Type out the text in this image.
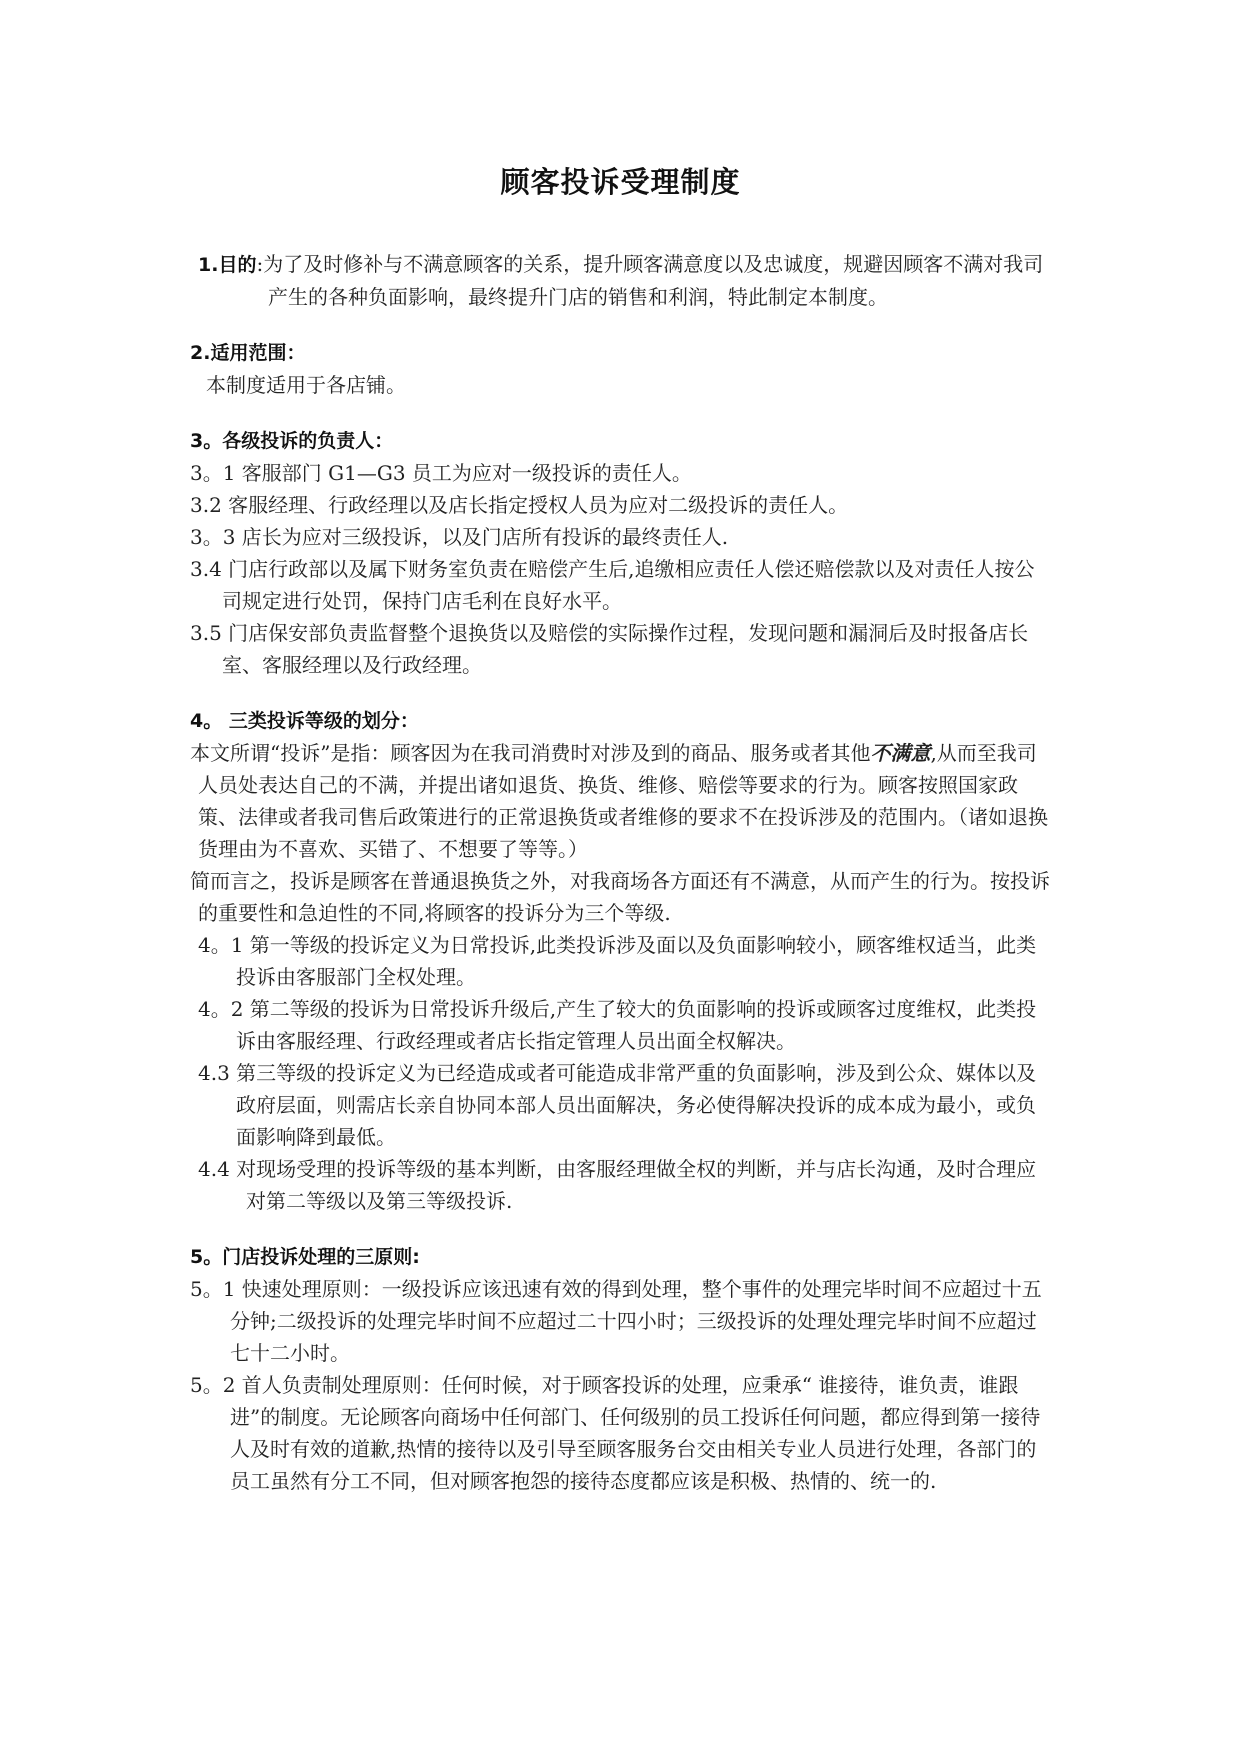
顾客投诉受理制度
1.目的:为了及时修补与不满意顾客的关系，提升顾客满意度以及忠诚度，规避因顾客不满对我司产生的各种负面影响，最终提升门店的销售和利润，特此制定本制度。
2.适用范围：
本制度适用于各店铺。
3。各级投诉的负责人：
3。1 客服部门 G1—G3 员工为应对一级投诉的责任人。
3.2 客服经理、行政经理以及店长指定授权人员为应对二级投诉的责任人。
3。3 店长为应对三级投诉，以及门店所有投诉的最终责任人.
3.4 门店行政部以及属下财务室负责在赔偿产生后,追缴相应责任人偿还赔偿款以及对责任人按公司规定进行处罚，保持门店毛利在良好水平。
3.5 门店保安部负责监督整个退换货以及赔偿的实际操作过程，发现问题和漏洞后及时报备店长室、客服经理以及行政经理。
4。 三类投诉等级的划分：
本文所谓“投诉”是指：顾客因为在我司消费时对涉及到的商品、服务或者其他不满意,从而至我司人员处表达自己的不满，并提出诸如退货、换货、维修、赔偿等要求的行为。顾客按照国家政策、法律或者我司售后政策进行的正常退换货或者维修的要求不在投诉涉及的范围内。（诸如退换货理由为不喜欢、买错了、不想要了等等。）
简而言之，投诉是顾客在普通退换货之外，对我商场各方面还有不满意，从而产生的行为。按投诉的重要性和急迫性的不同,将顾客的投诉分为三个等级.
4。1 第一等级的投诉定义为日常投诉,此类投诉涉及面以及负面影响较小，顾客维权适当，此类投诉由客服部门全权处理。
4。2 第二等级的投诉为日常投诉升级后,产生了较大的负面影响的投诉或顾客过度维权，此类投诉由客服经理、行政经理或者店长指定管理人员出面全权解决。
4.3 第三等级的投诉定义为已经造成或者可能造成非常严重的负面影响，涉及到公众、媒体以及政府层面，则需店长亲自协同本部人员出面解决，务必使得解决投诉的成本成为最小，或负面影响降到最低。
4.4 对现场受理的投诉等级的基本判断，由客服经理做全权的判断，并与店长沟通，及时合理应对第二等级以及第三等级投诉.
5。门店投诉处理的三原则:
5。1 快速处理原则：一级投诉应该迅速有效的得到处理，整个事件的处理完毕时间不应超过十五分钟;二级投诉的处理完毕时间不应超过二十四小时；三级投诉的处理处理完毕时间不应超过七十二小时。
5。2 首人负责制处理原则：任何时候，对于顾客投诉的处理，应秉承“ 谁接待，谁负责，谁跟进”的制度。无论顾客向商场中任何部门、任何级别的员工投诉任何问题，都应得到第一接待人及时有效的道歉,热情的接待以及引导至顾客服务台交由相关专业人员进行处理，各部门的员工虽然有分工不同，但对顾客抱怨的接待态度都应该是积极、热情的、统一的.
